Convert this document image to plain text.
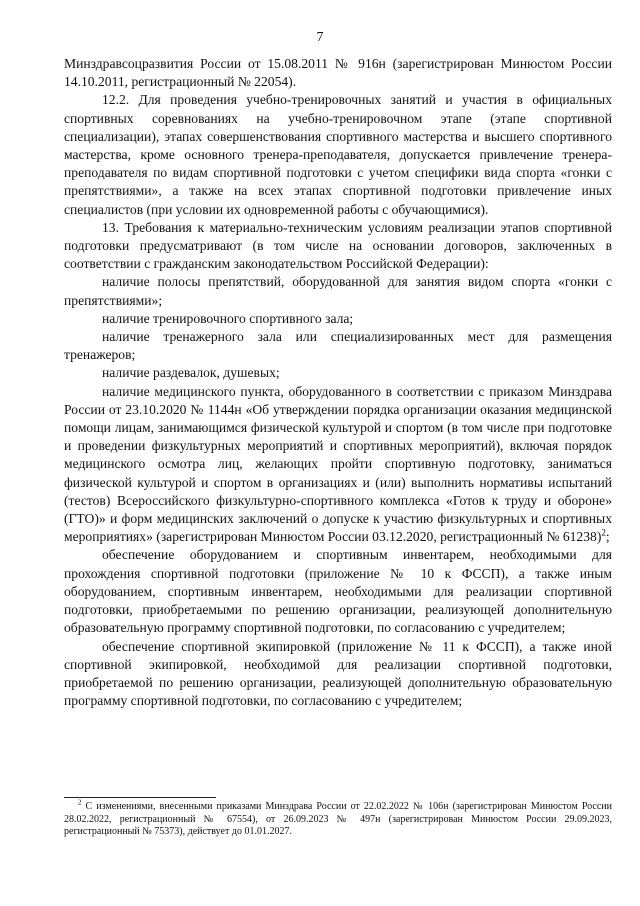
7

Минздравсоцразвития России от 15.08.2011 № 916н (зарегистрирован Минюстом России 14.10.2011, регистрационный № 22054).

12.2. Для проведения учебно-тренировочных занятий и участия в официальных спортивных соревнованиях на учебно-тренировочном этапе (этапе спортивной специализации), этапах совершенствования спортивного мастерства и высшего спортивного мастерства, кроме основного тренера-преподавателя, допускается привлечение тренера-преподавателя по видам спортивной подготовки с учетом специфики вида спорта «гонки с препятствиями», а также на всех этапах спортивной подготовки привлечение иных специалистов (при условии их одновременной работы с обучающимися).

13. Требования к материально-техническим условиям реализации этапов спортивной подготовки предусматривают (в том числе на основании договоров, заключенных в соответствии с гражданским законодательством Российской Федерации):

наличие полосы препятствий, оборудованной для занятия видом спорта «гонки с препятствиями»;

наличие тренировочного спортивного зала;

наличие тренажерного зала или специализированных мест для размещения тренажеров;

наличие раздевалок, душевых;

наличие медицинского пункта, оборудованного в соответствии с приказом Минздрава России от 23.10.2020 № 1144н «Об утверждении порядка организации оказания медицинской помощи лицам, занимающимся физической культурой и спортом (в том числе при подготовке и проведении физкультурных мероприятий и спортивных мероприятий), включая порядок медицинского осмотра лиц, желающих пройти спортивную подготовку, заниматься физической культурой и спортом в организациях и (или) выполнить нормативы испытаний (тестов) Всероссийского физкультурно-спортивного комплекса «Готов к труду и обороне» (ГТО)» и форм медицинских заключений о допуске к участию физкультурных и спортивных мероприятиях» (зарегистрирован Минюстом России 03.12.2020, регистрационный № 61238)$^2$;

обеспечение оборудованием и спортивным инвентарем, необходимыми для прохождения спортивной подготовки (приложение № 10 к ФССП), а также иным оборудованием, спортивным инвентарем, необходимыми для реализации спортивной подготовки, приобретаемыми по решению организации, реализующей дополнительную образовательную программу спортивной подготовки, по согласованию с учредителем;

обеспечение спортивной экипировкой (приложение № 11 к ФССП), а также иной спортивной экипировкой, необходимой для реализации спортивной подготовки, приобретаемой по решению организации, реализующей дополнительную образовательную программу спортивной подготовки, по согласованию с учредителем;

$^2$ С изменениями, внесенными приказами Минздрава России от 22.02.2022 № 106н (зарегистрирован Минюстом России 28.02.2022, регистрационный № 67554), от 26.09.2023 № 497н (зарегистрирован Минюстом России 29.09.2023, регистрационный № 75373), действует до 01.01.2027.
